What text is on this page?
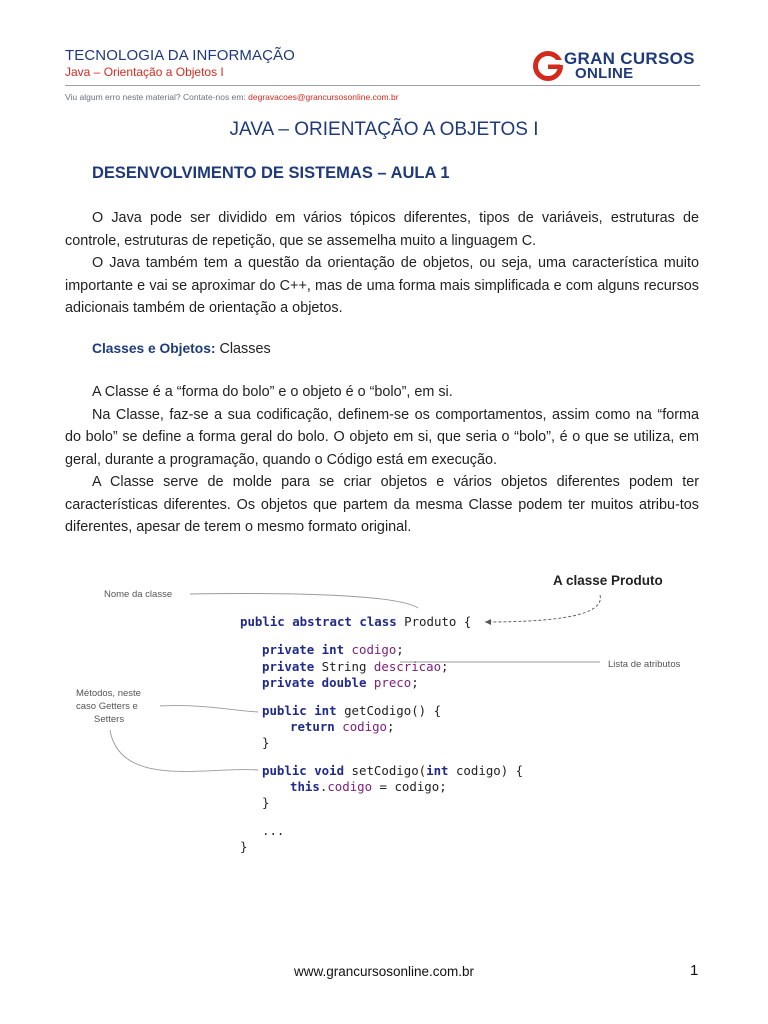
TECNOLOGIA DA INFORMAÇÃO
Java – Orientação a Objetos I
GRAN CURSOS
ONLINE
Viu algum erro neste material? Contate-nos em: degravacoes@grancursosonline.com.br
JAVA – ORIENTAÇÃO A OBJETOS I
DESENVOLVIMENTO DE SISTEMAS – AULA 1

O Java pode ser dividido em vários tópicos diferentes, tipos de variáveis, estruturas de controle, estruturas de repetição, que se assemelha muito a linguagem C.

O Java também tem a questão da orientação de objetos, ou seja, uma característica muito importante e vai se aproximar do C++, mas de uma forma mais simplificada e com alguns recursos adicionais também de orientação a objetos.

Classes e Objetos: Classes

A Classe é a “forma do bolo” e o objeto é o “bolo”, em si.

Na Classe, faz-se a sua codificação, definem-se os comportamentos, assim como na “forma do bolo” se define a forma geral do bolo. O objeto em si, que seria o “bolo”, é o que se utiliza, em geral, durante a programação, quando o Código está em execução.

A Classe serve de molde para se criar objetos e vários objetos diferentes podem ter características diferentes. Os objetos que partem da mesma Classe podem ter muitos atribu-tos diferentes, apesar de terem o mesmo formato original.

Nome da classe
A classe Produto
Lista de atributos
Métodos, neste
caso Getters e
Setters
public abstract class Produto {
private int codigo;
private String descricao;
private double preco;
public int getCodigo() {
return codigo;
}
public void setCodigo(int codigo) {
this.codigo = codigo;
}
...
}
www.grancursosonline.com.br	1
